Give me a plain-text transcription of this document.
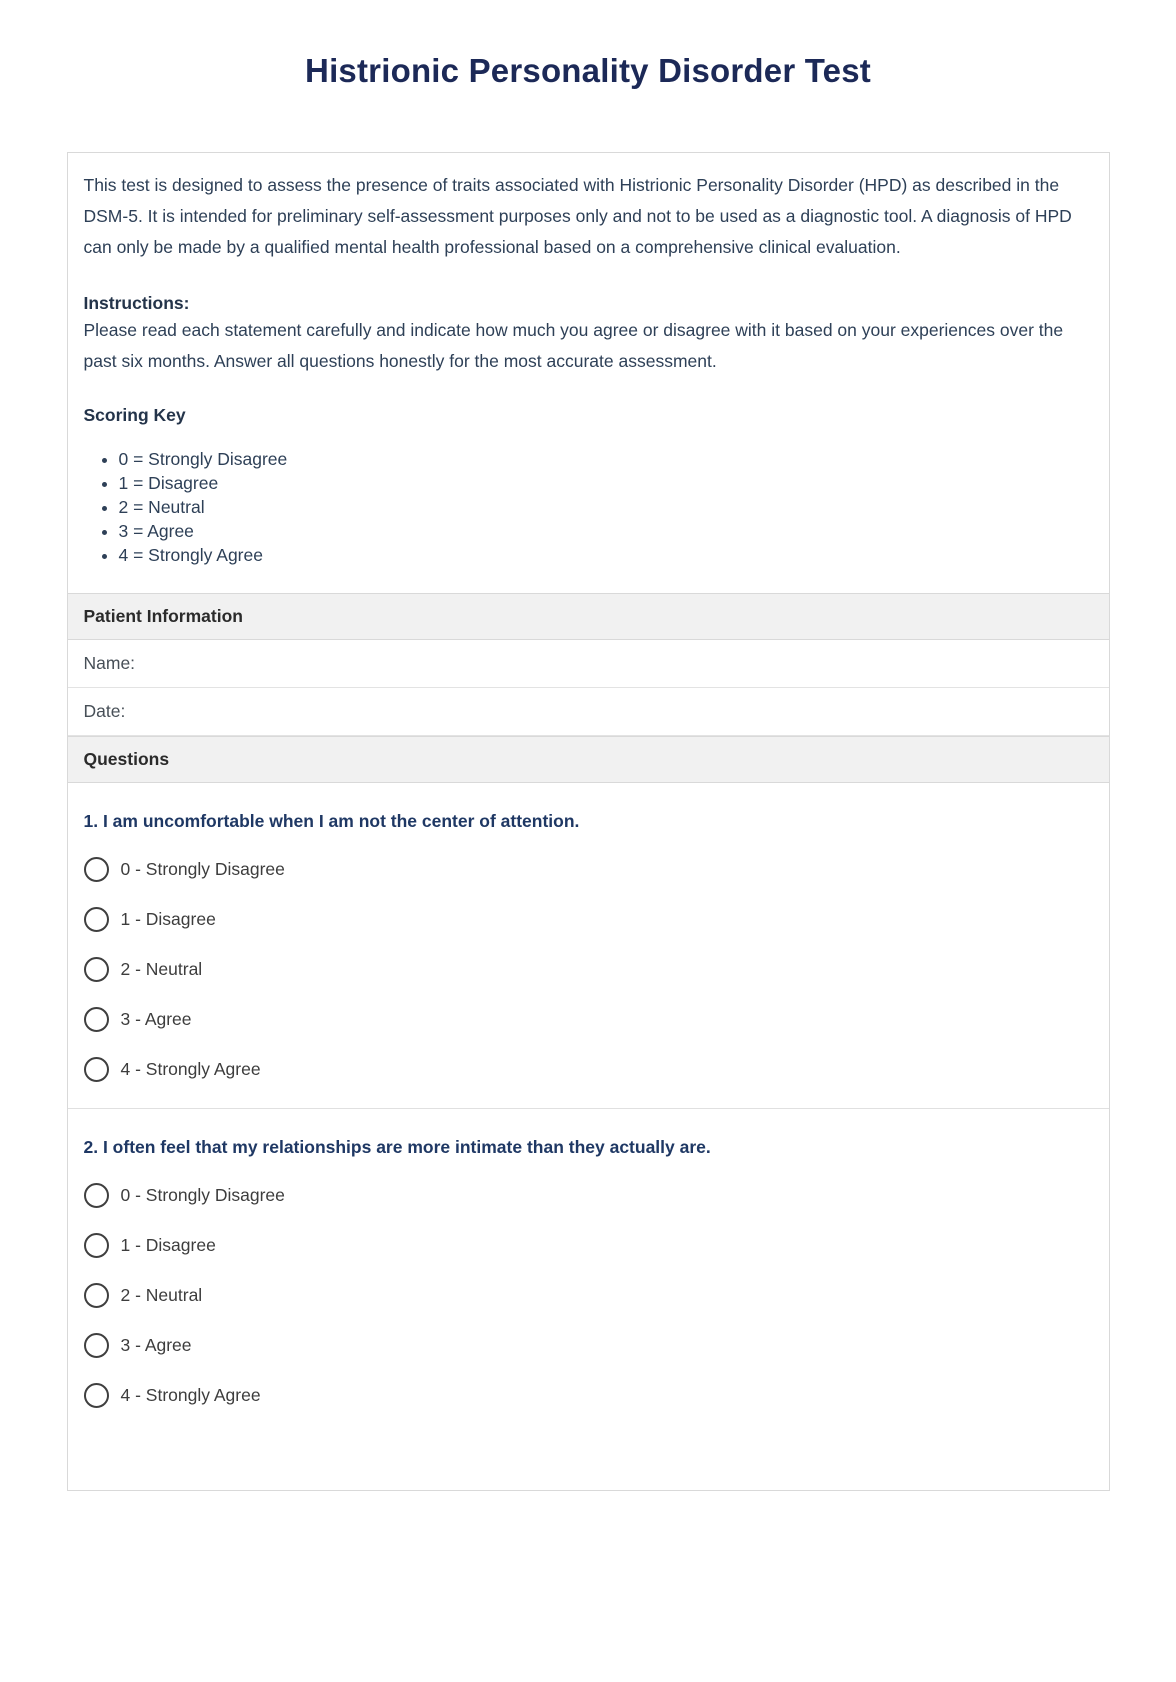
Histrionic Personality Disorder Test

This test is designed to assess the presence of traits associated with Histrionic Personality Disorder (HPD) as described in the DSM-5. It is intended for preliminary self-assessment purposes only and not to be used as a diagnostic tool. A diagnosis of HPD can only be made by a qualified mental health professional based on a comprehensive clinical evaluation.

Instructions:

Please read each statement carefully and indicate how much you agree or disagree with it based on your experiences over the past six months. Answer all questions honestly for the most accurate assessment.

Scoring Key

• 0 = Strongly Disagree
• 1 = Disagree
• 2 = Neutral
• 3 = Agree
• 4 = Strongly Agree
Patient Information
Name:
Date:
Questions

1. I am uncomfortable when I am not the center of attention.

0 - Strongly Disagree
1 - Disagree
2 - Neutral
3 - Agree
4 - Strongly Agree

2. I often feel that my relationships are more intimate than they actually are.

0 - Strongly Disagree
1 - Disagree
2 - Neutral
3 - Agree
4 - Strongly Agree
